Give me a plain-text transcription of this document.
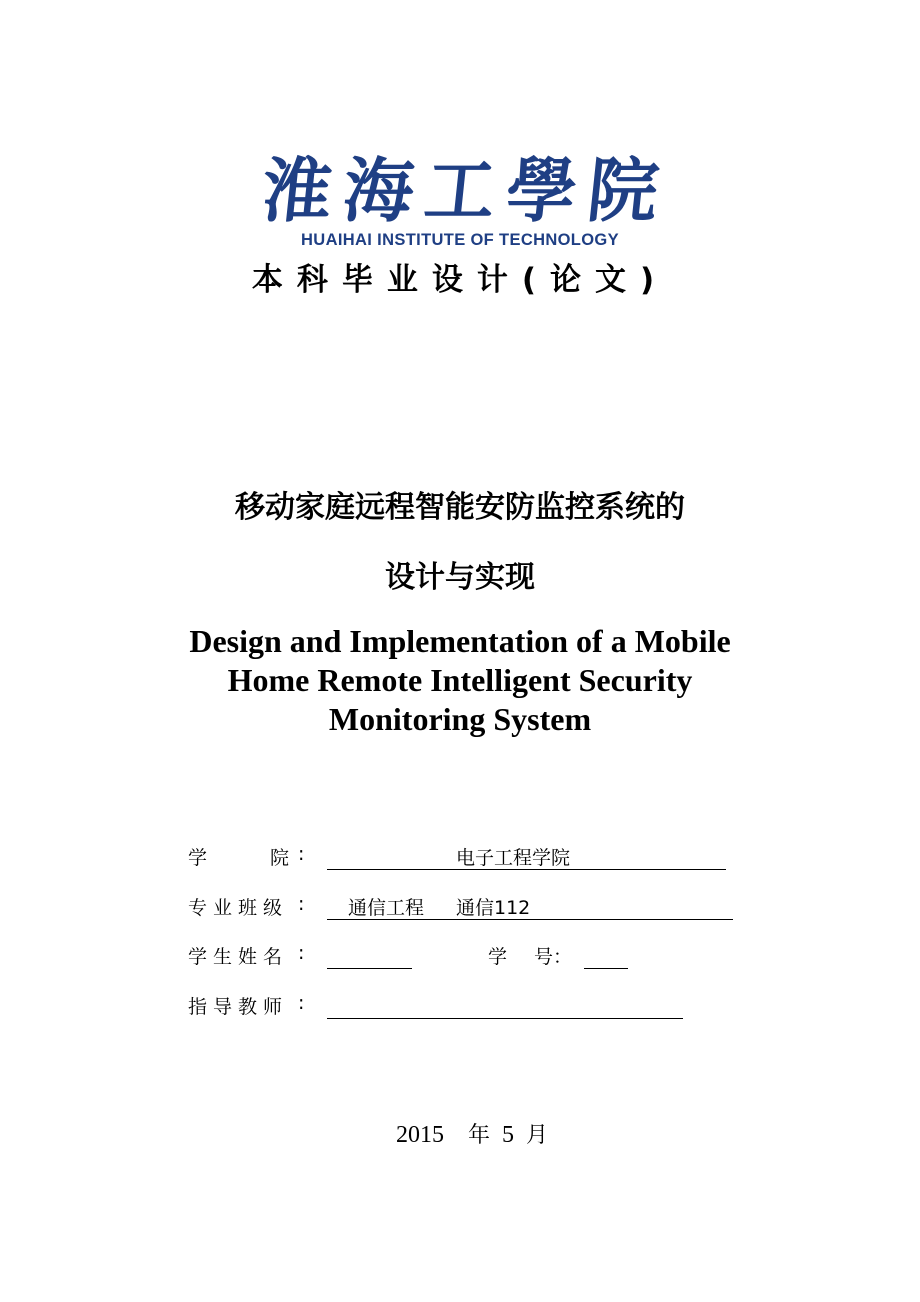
淮 海 工 學 院
HUAIHAI INSTITUTE OF TECHNOLOGY
本科毕业设计(论文)
移动家庭远程智能安防监控系统的
设计与实现
Design and Implementation of a Mobile
Home Remote Intelligent Security
Monitoring System
学	院 :	电子工程学院
专业班级 : 通信工程 通信112
学生姓名 :	学 号：
指导教师 :
2015 年 5 月
